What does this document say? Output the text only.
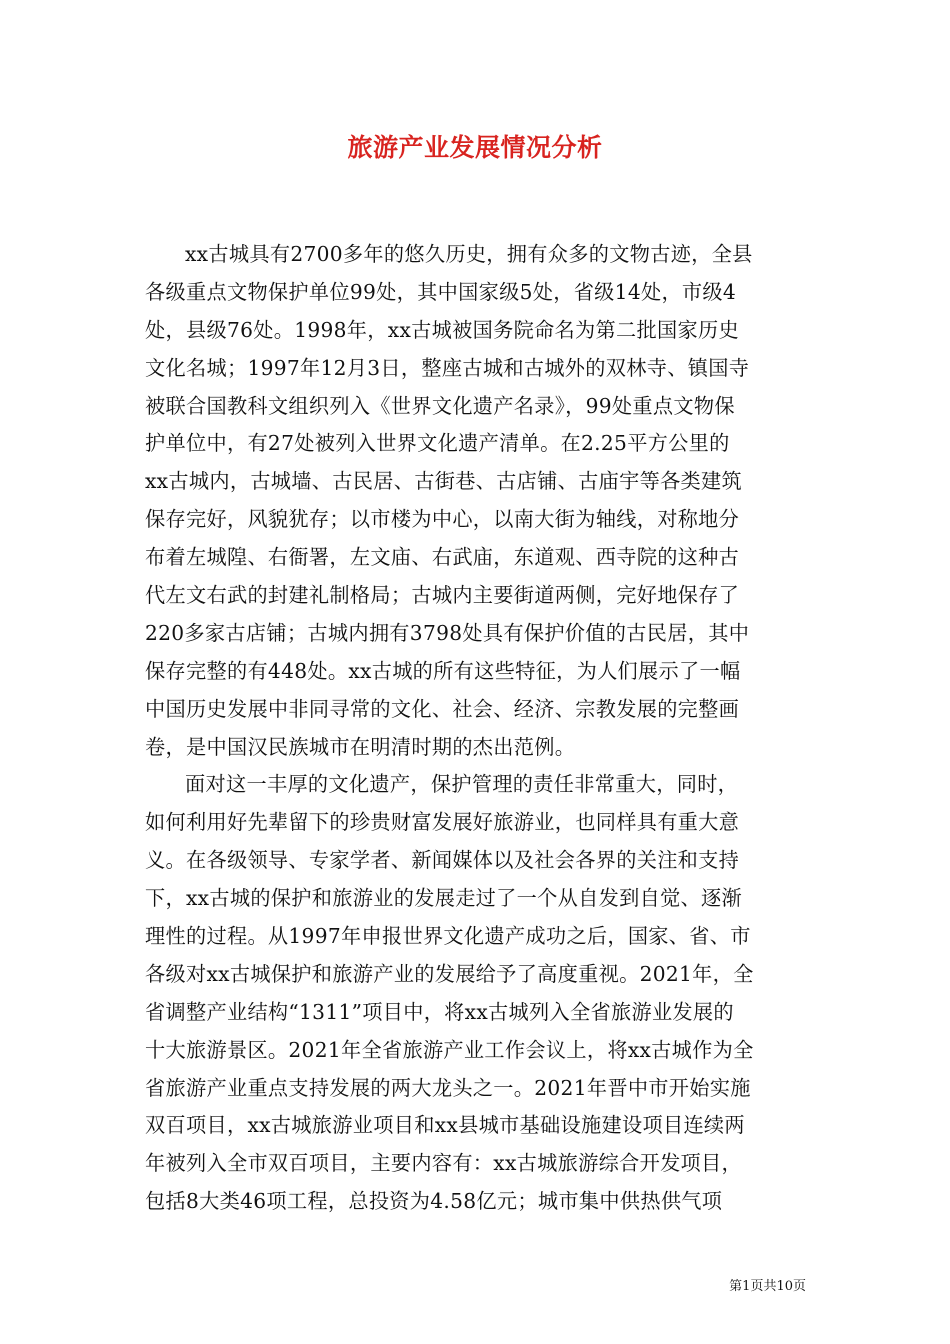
旅游产业发展情况分析
xx古城具有2700多年的悠久历史，拥有众多的文物古迹，全县
各级重点文物保护单位99处，其中国家级5处，省级14处，市级4
处，县级76处。1998年，xx古城被国务院命名为第二批国家历史
文化名城；1997年12月3日，整座古城和古城外的双林寺、镇国寺
被联合国教科文组织列入《世界文化遗产名录》，99处重点文物保
护单位中，有27处被列入世界文化遗产清单。在2.25平方公里的
xx古城内，古城墙、古民居、古街巷、古店铺、古庙宇等各类建筑
保存完好，风貌犹存；以市楼为中心，以南大街为轴线，对称地分
布着左城隍、右衙署，左文庙、右武庙，东道观、西寺院的这种古
代左文右武的封建礼制格局；古城内主要街道两侧，完好地保存了
220多家古店铺；古城内拥有3798处具有保护价值的古民居，其中
保存完整的有448处。xx古城的所有这些特征，为人们展示了一幅
中国历史发展中非同寻常的文化、社会、经济、宗教发展的完整画
卷，是中国汉民族城市在明清时期的杰出范例。
面对这一丰厚的文化遗产，保护管理的责任非常重大，同时，
如何利用好先辈留下的珍贵财富发展好旅游业，也同样具有重大意
义。在各级领导、专家学者、新闻媒体以及社会各界的关注和支持
下，xx古城的保护和旅游业的发展走过了一个从自发到自觉、逐渐
理性的过程。从1997年申报世界文化遗产成功之后，国家、省、市
各级对xx古城保护和旅游产业的发展给予了高度重视。2021年，全
省调整产业结构“1311”项目中，将xx古城列入全省旅游业发展的
十大旅游景区。2021年全省旅游产业工作会议上，将xx古城作为全
省旅游产业重点支持发展的两大龙头之一。2021年晋中市开始实施
双百项目，xx古城旅游业项目和xx县城市基础设施建设项目连续两
年被列入全市双百项目，主要内容有：xx古城旅游综合开发项目，
包括8大类46项工程，总投资为4.58亿元；城市集中供热供气项
第1页共10页
